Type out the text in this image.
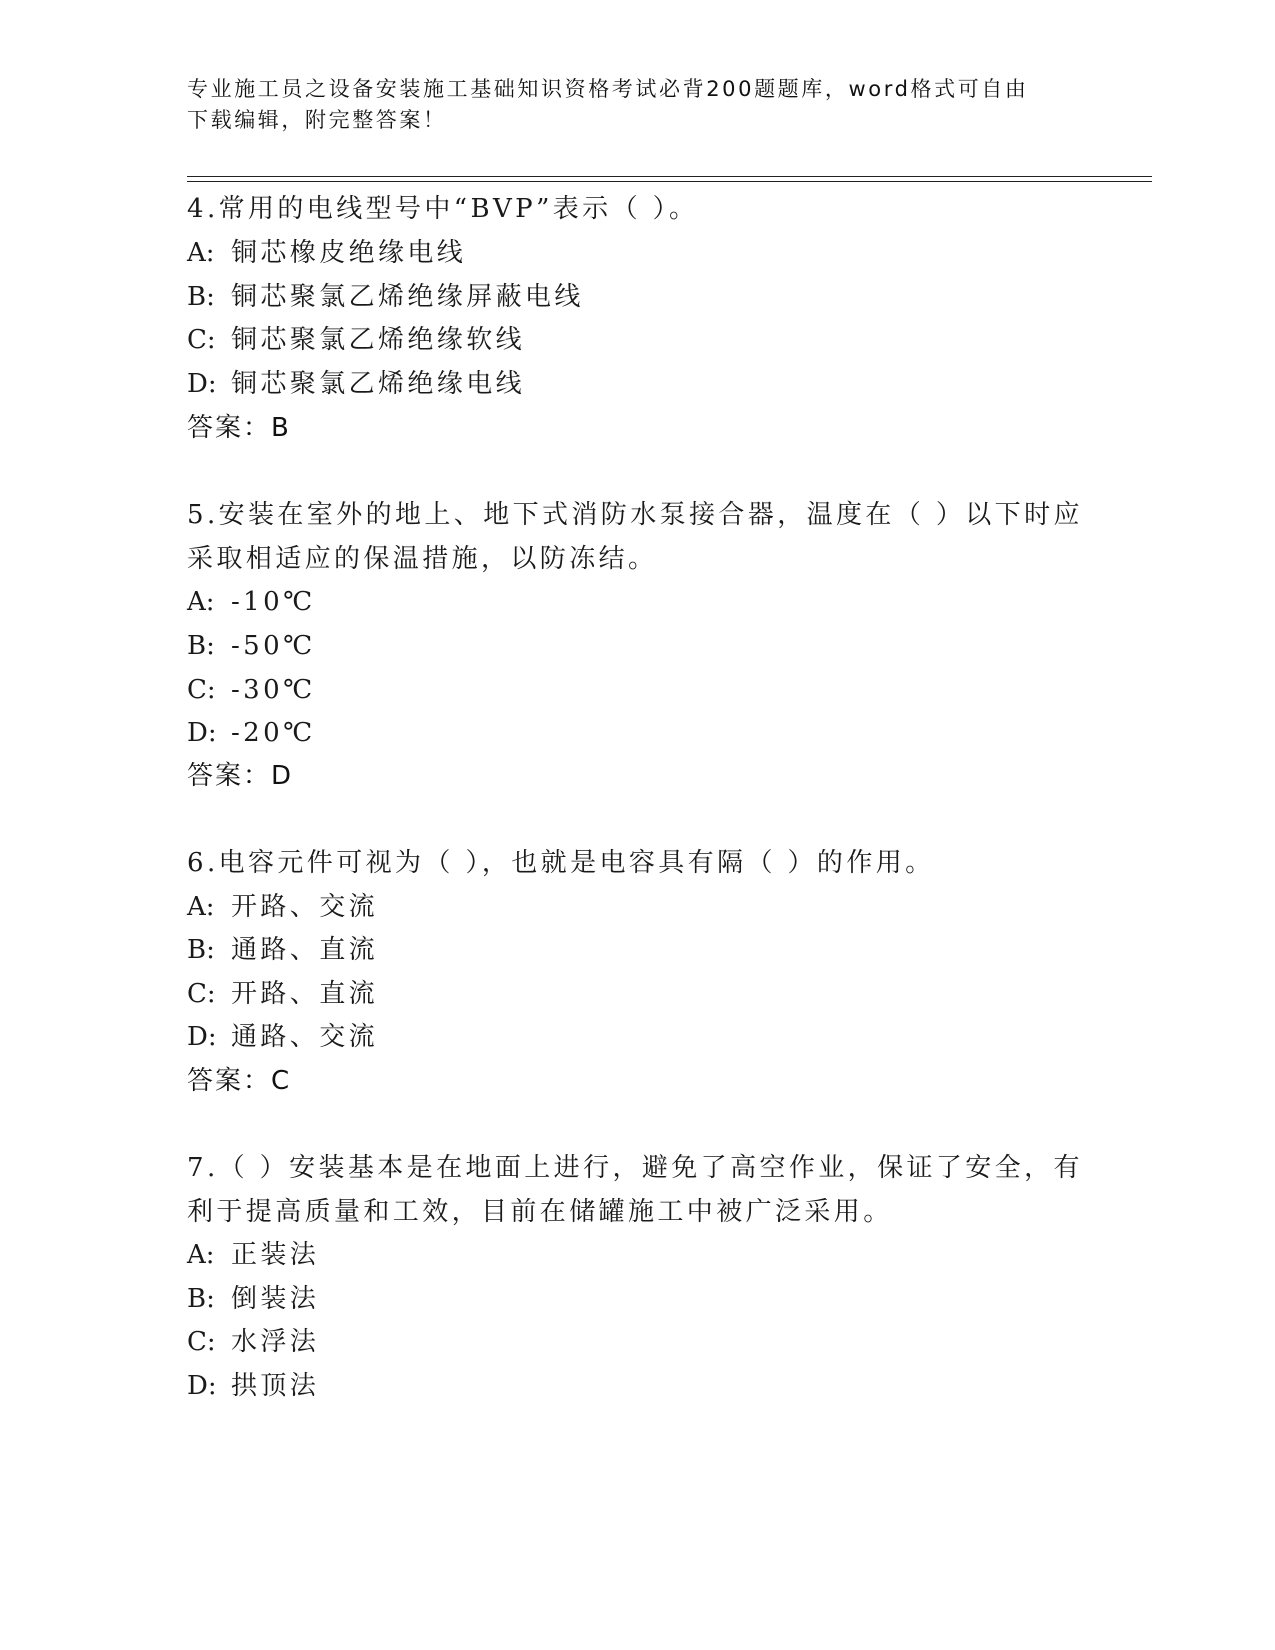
专业施工员之设备安装施工基础知识资格考试必背200题题库，word格式可自由
下载编辑，附完整答案！
4.常用的电线型号中“BVP”表示（ ）。
A: 铜芯橡皮绝缘电线
B: 铜芯聚氯乙烯绝缘屏蔽电线
C: 铜芯聚氯乙烯绝缘软线
D: 铜芯聚氯乙烯绝缘电线
答案：B
5.安装在室外的地上、地下式消防水泵接合器，温度在（ ）以下时应
采取相适应的保温措施，以防冻结。
A: -10℃
B: -50℃
C: -30℃
D: -20℃
答案：D
6.电容元件可视为（ ），也就是电容具有隔（ ）的作用。
A: 开路、交流
B: 通路、直流
C: 开路、直流
D: 通路、交流
答案：C
7.（ ）安装基本是在地面上进行，避免了高空作业，保证了安全，有
利于提高质量和工效，目前在储罐施工中被广泛采用。
A: 正装法
B: 倒装法
C: 水浮法
D: 拱顶法
